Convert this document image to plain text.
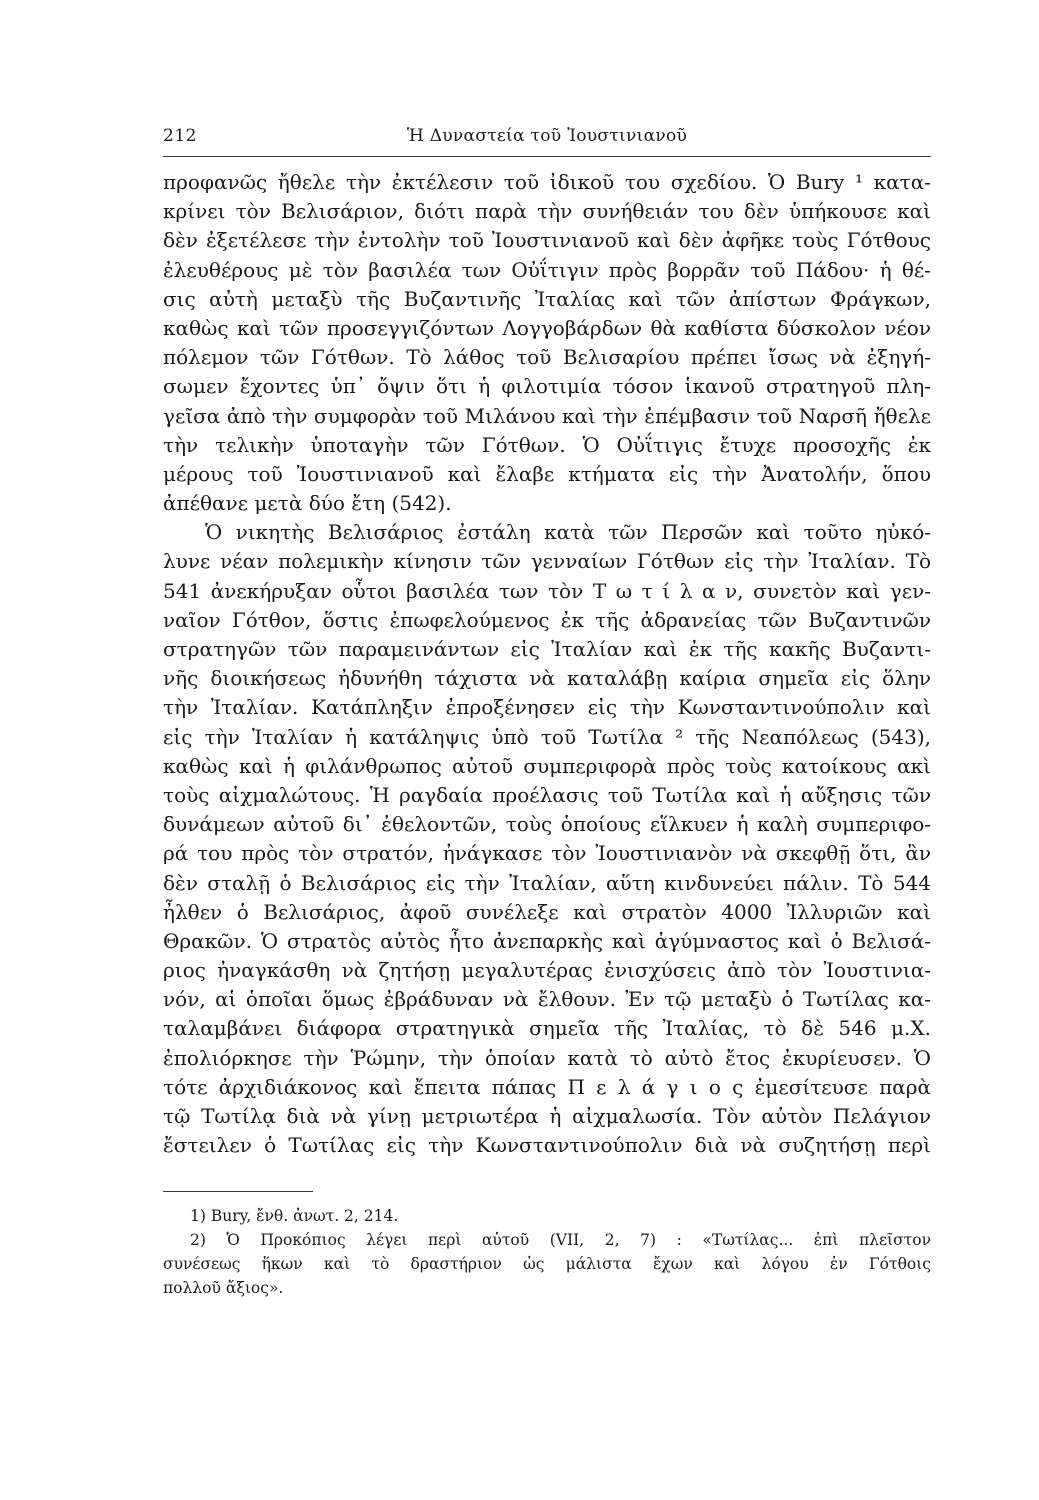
212	Ἡ Δυναστεία τοῦ Ἰουστινιανοῦ
προφανῶς ἤθελε τὴν ἐκτέλεσιν τοῦ ἰδικοῦ του σχεδίου. Ὁ Bury ¹ κατα-
κρίνει τὸν Βελισάριον, διότι παρὰ τὴν συνήθειάν του δὲν ὑπήκουσε καὶ
δὲν ἐξετέλεσε τὴν ἐντολὴν τοῦ Ἰουστινιανοῦ καὶ δὲν ἀφῆκε τοὺς Γότθους
ἐλευθέρους μὲ τὸν βασιλέα των Οὐΐτιγιν πρὸς βορρᾶν τοῦ Πάδου· ἡ θέ-
σις αὐτὴ μεταξὺ τῆς Βυζαντινῆς Ἰταλίας καὶ τῶν ἀπίστων Φράγκων,
καθὼς καὶ τῶν προσεγγιζόντων Λογγοβάρδων θὰ καθίστα δύσκολον νέον
πόλεμον τῶν Γότθων. Τὸ λάθος τοῦ Βελισαρίου πρέπει ἴσως νὰ ἐξηγή-
σωμεν ἔχοντες ὑπ᾽ ὄψιν ὅτι ἡ φιλοτιμία τόσον ἱκανοῦ στρατηγοῦ πλη-
γεῖσα ἀπὸ τὴν συμφορὰν τοῦ Μιλάνου καὶ τὴν ἐπέμβασιν τοῦ Ναρσῆ ἤθελε
τὴν τελικὴν ὑποταγὴν τῶν Γότθων. Ὁ Οὐΐτιγις ἔτυχε προσοχῆς ἐκ
μέρους τοῦ Ἰουστινιανοῦ καὶ ἔλαβε κτήματα εἰς τὴν Ἀνατολήν, ὅπου
ἀπέθανε μετὰ δύο ἔτη (542).
Ὁ νικητὴς Βελισάριος ἐστάλη κατὰ τῶν Περσῶν καὶ τοῦτο ηὐκό-
λυνε νέαν πολεμικὴν κίνησιν τῶν γενναίων Γότθων εἰς τὴν Ἰταλίαν. Τὸ
541 ἀνεκήρυξαν οὗτοι βασιλέα των τὸν Τ ω τ ί λ α ν, συνετὸν καὶ γεν-
ναῖον Γότθον, ὅστις ἐπωφελούμενος ἐκ τῆς ἀδρανείας τῶν Βυζαντινῶν
στρατηγῶν τῶν παραμεινάντων εἰς Ἰταλίαν καὶ ἐκ τῆς κακῆς Βυζαντι-
νῆς διοικήσεως ἠδυνήθη τάχιστα νὰ καταλάβῃ καίρια σημεῖα εἰς ὅλην
τὴν Ἰταλίαν. Κατάπληξιν ἐπροξένησεν εἰς τὴν Κωνσταντινούπολιν καὶ
εἰς τὴν Ἰταλίαν ἡ κατάληψις ὑπὸ τοῦ Τωτίλα ² τῆς Νεαπόλεως (543),
καθὼς καὶ ἡ φιλάνθρωπος αὐτοῦ συμπεριφορὰ πρὸς τοὺς κατοίκους ακὶ
τοὺς αἰχμαλώτους. Ἡ ραγδαία προέλασις τοῦ Τωτίλα καὶ ἡ αὔξησις τῶν
δυνάμεων αὐτοῦ δι᾽ ἐθελοντῶν, τοὺς ὁποίους εἵλκυεν ἡ καλὴ συμπεριφο-
ρά του πρὸς τὸν στρατόν, ἠνάγκασε τὸν Ἰουστινιανὸν νὰ σκεφθῇ ὅτι, ἂν
δὲν σταλῇ ὁ Βελισάριος εἰς τὴν Ἰταλίαν, αὕτη κινδυνεύει πάλιν. Τὸ 544
ἦλθεν ὁ Βελισάριος, ἀφοῦ συνέλεξε καὶ στρατὸν 4000 Ἰλλυριῶν καὶ
Θρακῶν. Ὁ στρατὸς αὐτὸς ἦτο ἀνεπαρκὴς καὶ ἀγύμναστος καὶ ὁ Βελισά-
ριος ἠναγκάσθη νὰ ζητήσῃ μεγαλυτέρας ἐνισχύσεις ἀπὸ τὸν Ἰουστινια-
νόν, αἱ ὁποῖαι ὅμως ἐβράδυναν νὰ ἔλθουν. Ἐν τῷ μεταξὺ ὁ Τωτίλας κα-
ταλαμβάνει διάφορα στρατηγικὰ σημεῖα τῆς Ἰταλίας, τὸ δὲ 546 μ.Χ.
ἐπολιόρκησε τὴν Ῥώμην, τὴν ὁποίαν κατὰ τὸ αὐτὸ ἔτος ἐκυρίευσεν. Ὁ
τότε ἀρχιδιάκονος καὶ ἔπειτα πάπας Π ε λ ά γ ι ο ς ἐμεσίτευσε παρὰ
τῷ Τωτίλᾳ διὰ νὰ γίνῃ μετριωτέρα ἡ αἰχμαλωσία. Τὸν αὐτὸν Πελάγιον
ἔστειλεν ὁ Τωτίλας εἰς τὴν Κωνσταντινούπολιν διὰ νὰ συζητήσῃ περὶ
1) Bury, ἔνθ. ἀνωτ. 2, 214.
2) Ὁ Προκόπιος λέγει περὶ αὐτοῦ (VII, 2, 7) : «Τωτίλας... ἐπὶ πλεῖστον
συνέσεως ἥκων καὶ τὸ δραστήριον ὡς μάλιστα ἔχων καὶ λόγου ἐν Γότθοις
πολλοῦ ἄξιος».
